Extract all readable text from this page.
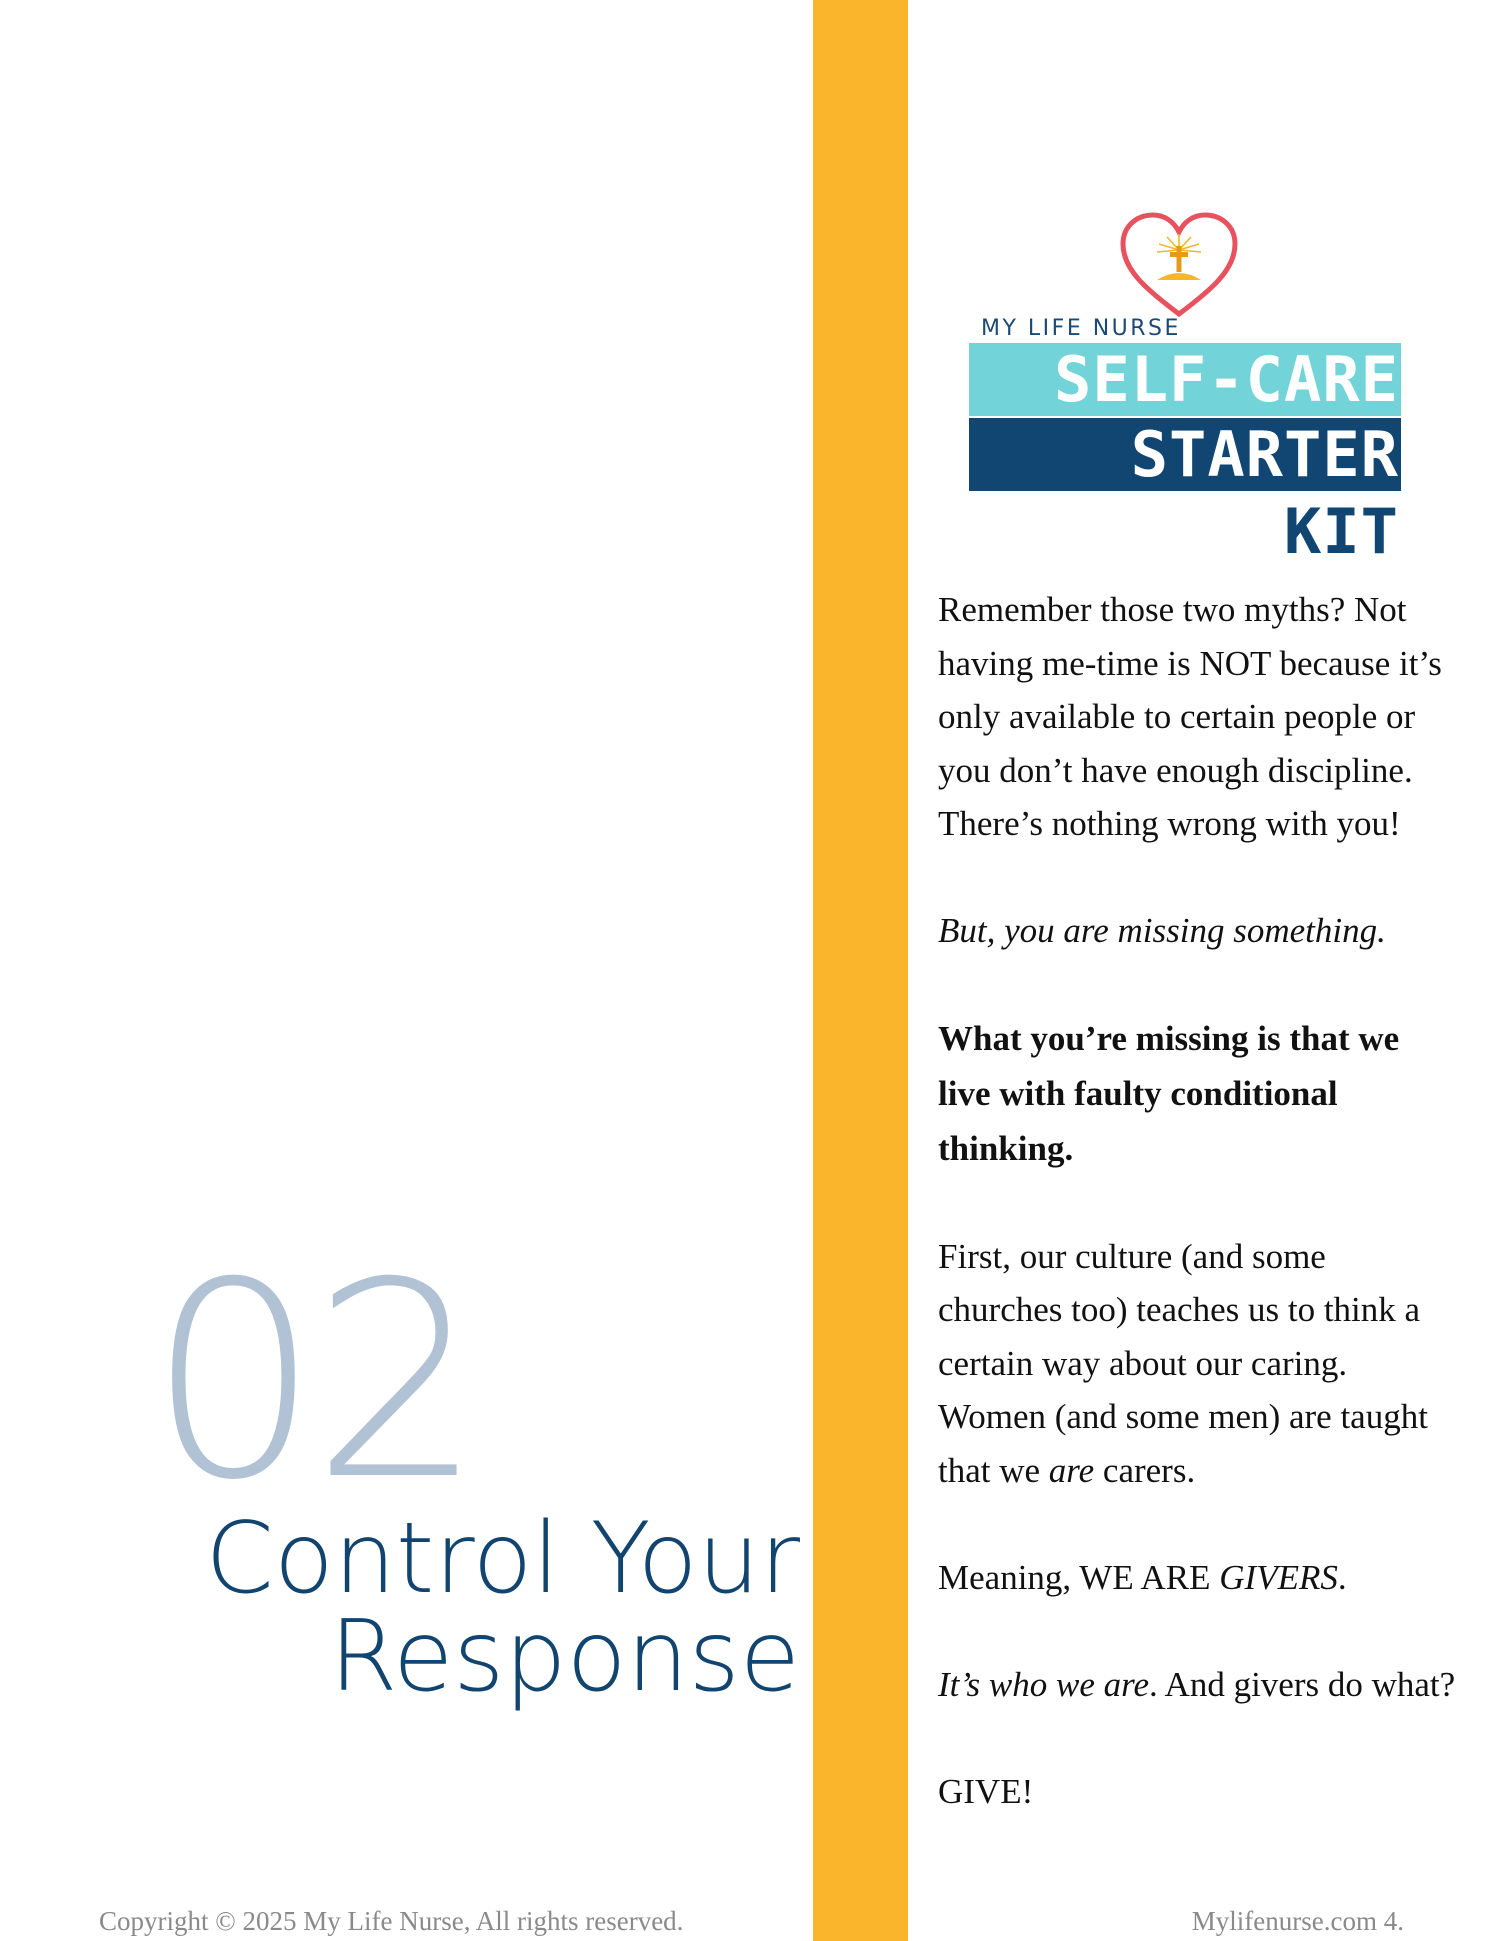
02
Control Your
Response
MY LIFE NURSE
SELF-CARE
STARTER
KIT

Remember those two myths? Not having me-time is NOT because it’s only available to certain people or you don’t have enough discipline. There’s nothing wrong with you!

But, you are missing something.

What you’re missing is that we live with faulty conditional thinking.

First, our culture (and some churches too) teaches us to think a certain way about our caring. Women (and some men) are taught that we are carers.

Meaning, WE ARE GIVERS.

It’s who we are. And givers do what?

GIVE!

Copyright © 2025 My Life Nurse, All rights reserved.	Mylifenurse.com 4.
